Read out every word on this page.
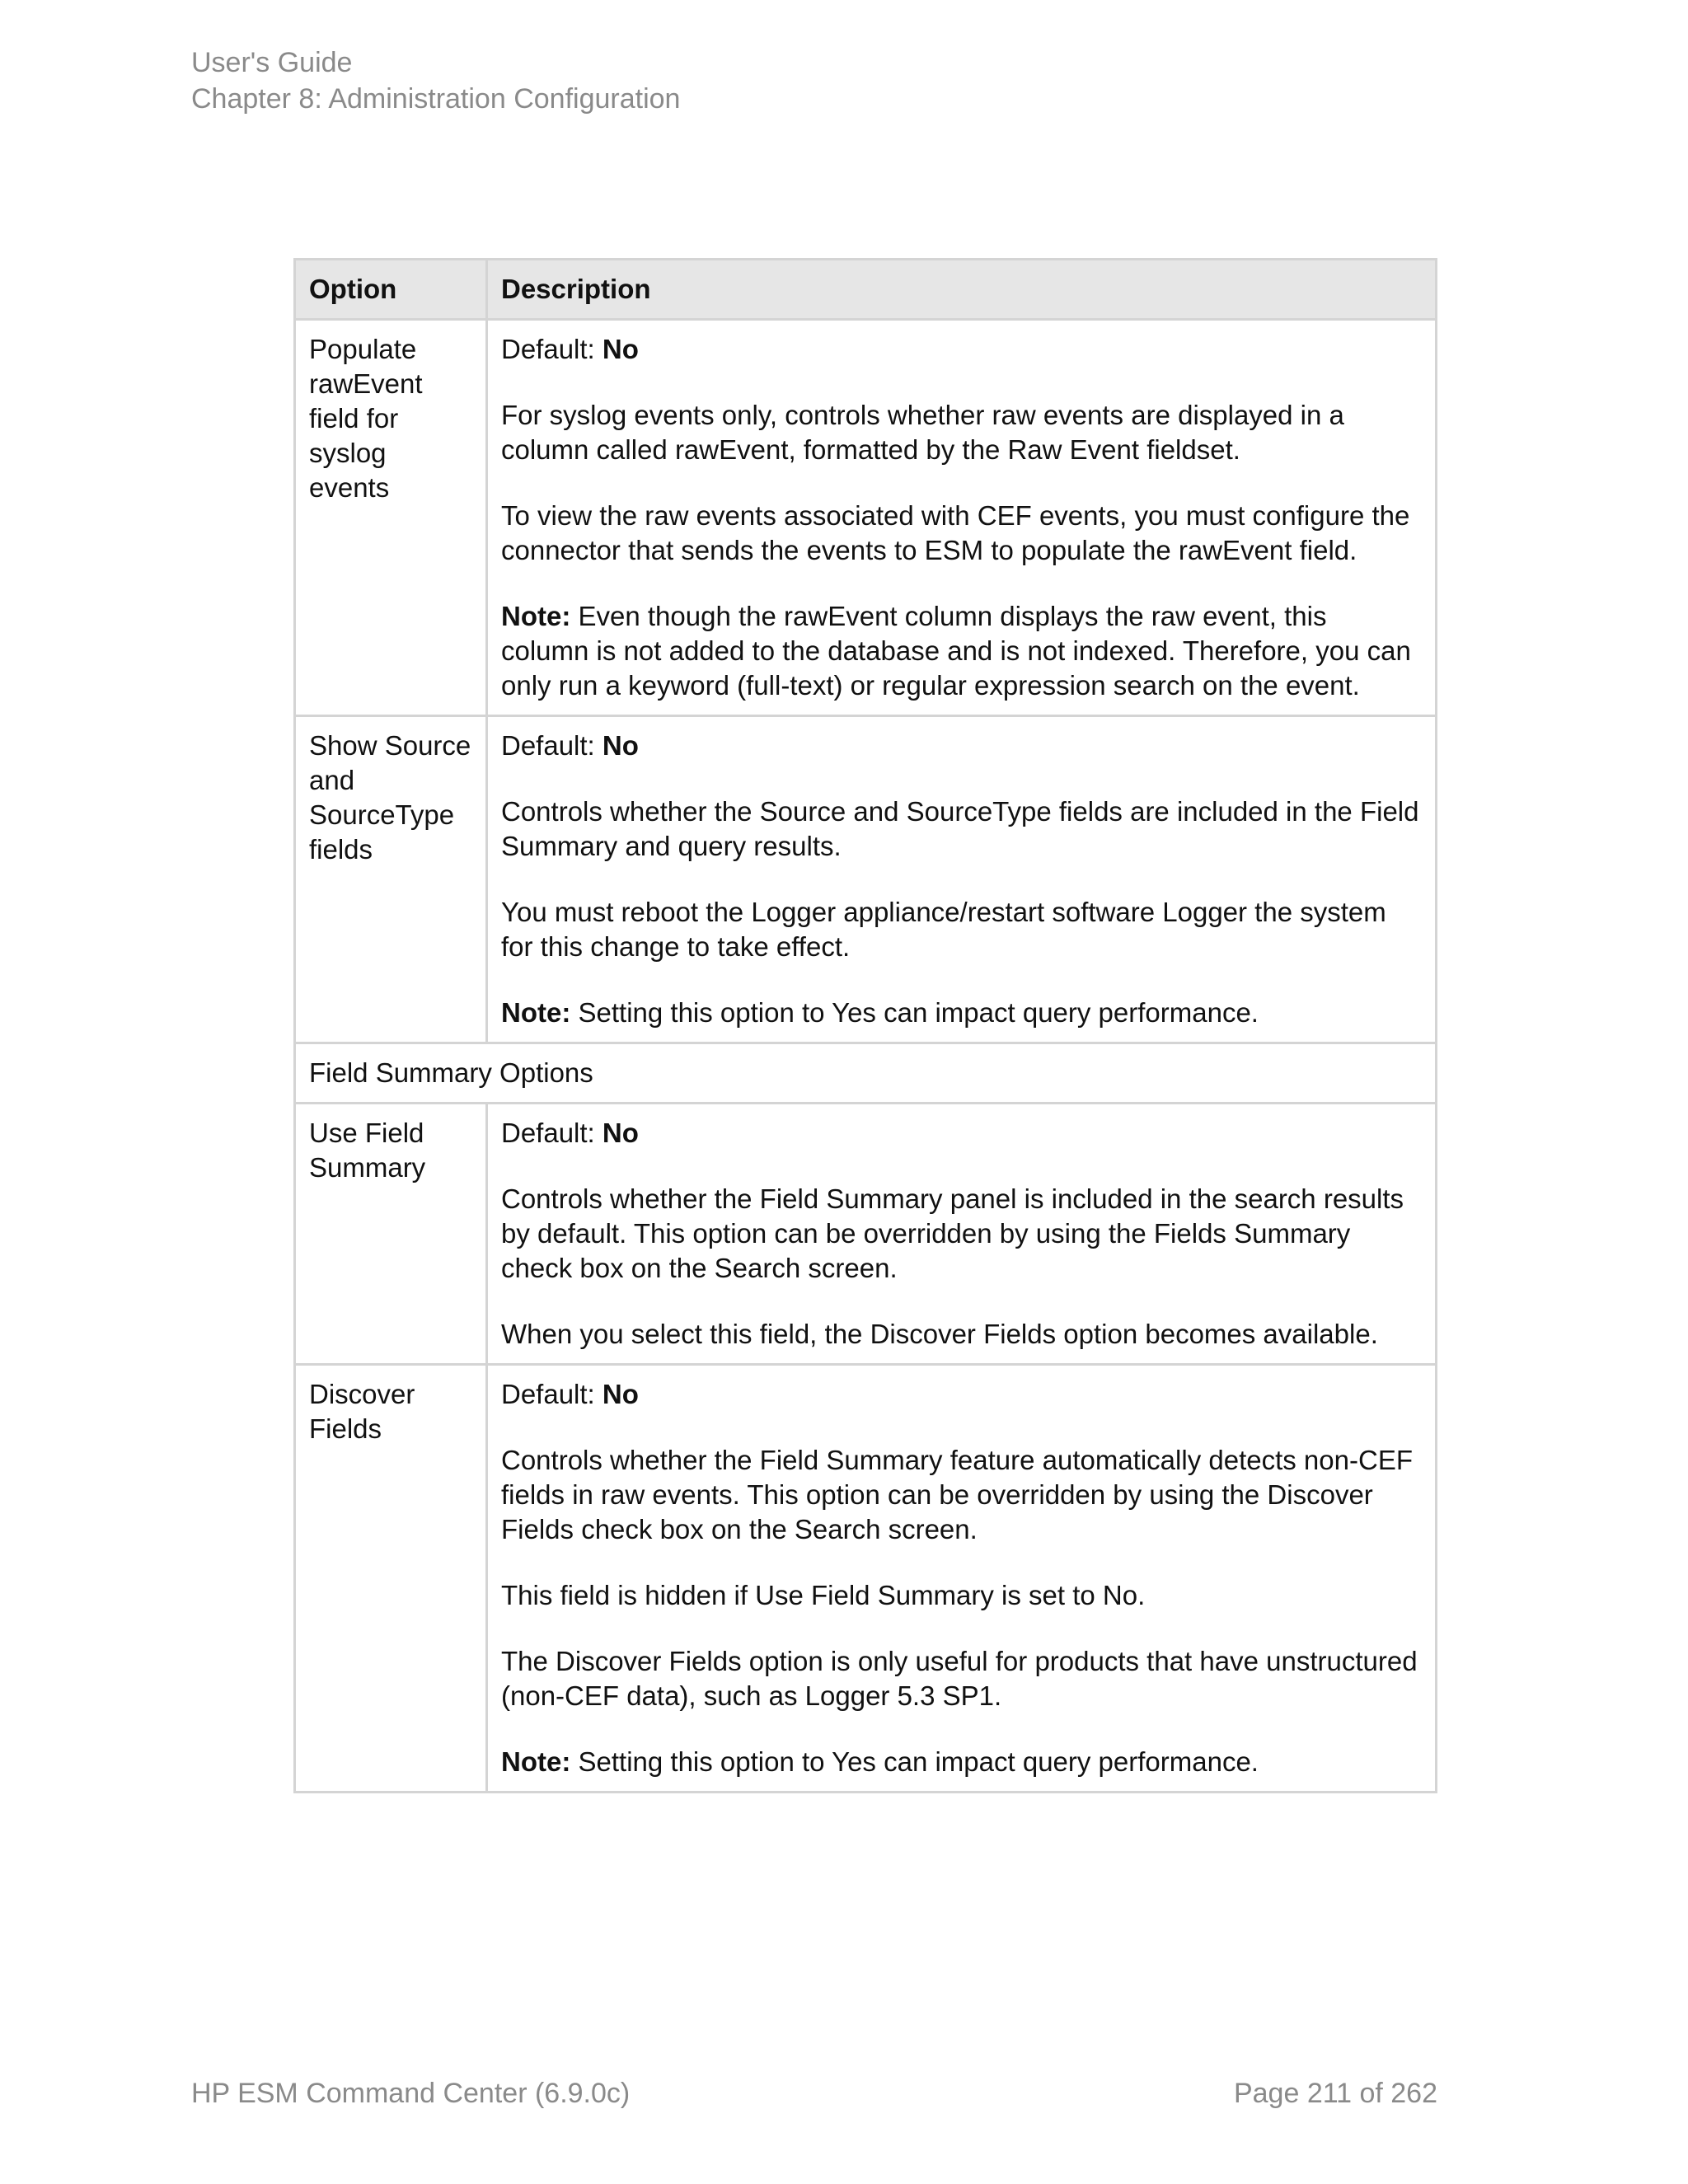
User's Guide
Chapter 8: Administration Configuration
Option	Description
Populate rawEvent field for syslog events	Default: No

For syslog events only, controls whether raw events are displayed in a column called rawEvent, formatted by the Raw Event fieldset.

To view the raw events associated with CEF events, you must configure the connector that sends the events to ESM to populate the rawEvent field.

Note: Even though the rawEvent column displays the raw event, this column is not added to the database and is not indexed. Therefore, you can only run a keyword (full-text) or regular expression search on the event.

Show Source and SourceType fields	Default: No

Controls whether the Source and SourceType fields are included in the Field Summary and query results.

You must reboot the Logger appliance/restart software Logger the system for this change to take effect.

Note: Setting this option to Yes can impact query performance.

Field Summary Options	
Use Field Summary	Default: No

Controls whether the Field Summary panel is included in the search results by default. This option can be overridden by using the Fields Summary check box on the Search screen.

When you select this field, the Discover Fields option becomes available.

Discover Fields	Default: No

Controls whether the Field Summary feature automatically detects non-CEF fields in raw events. This option can be overridden by using the Discover Fields check box on the Search screen.

This field is hidden if Use Field Summary is set to No.

The Discover Fields option is only useful for products that have unstructured (non-CEF data), such as Logger 5.3 SP1.

Note: Setting this option to Yes can impact query performance.

HP ESM Command Center (6.9.0c)	Page 211 of 262
